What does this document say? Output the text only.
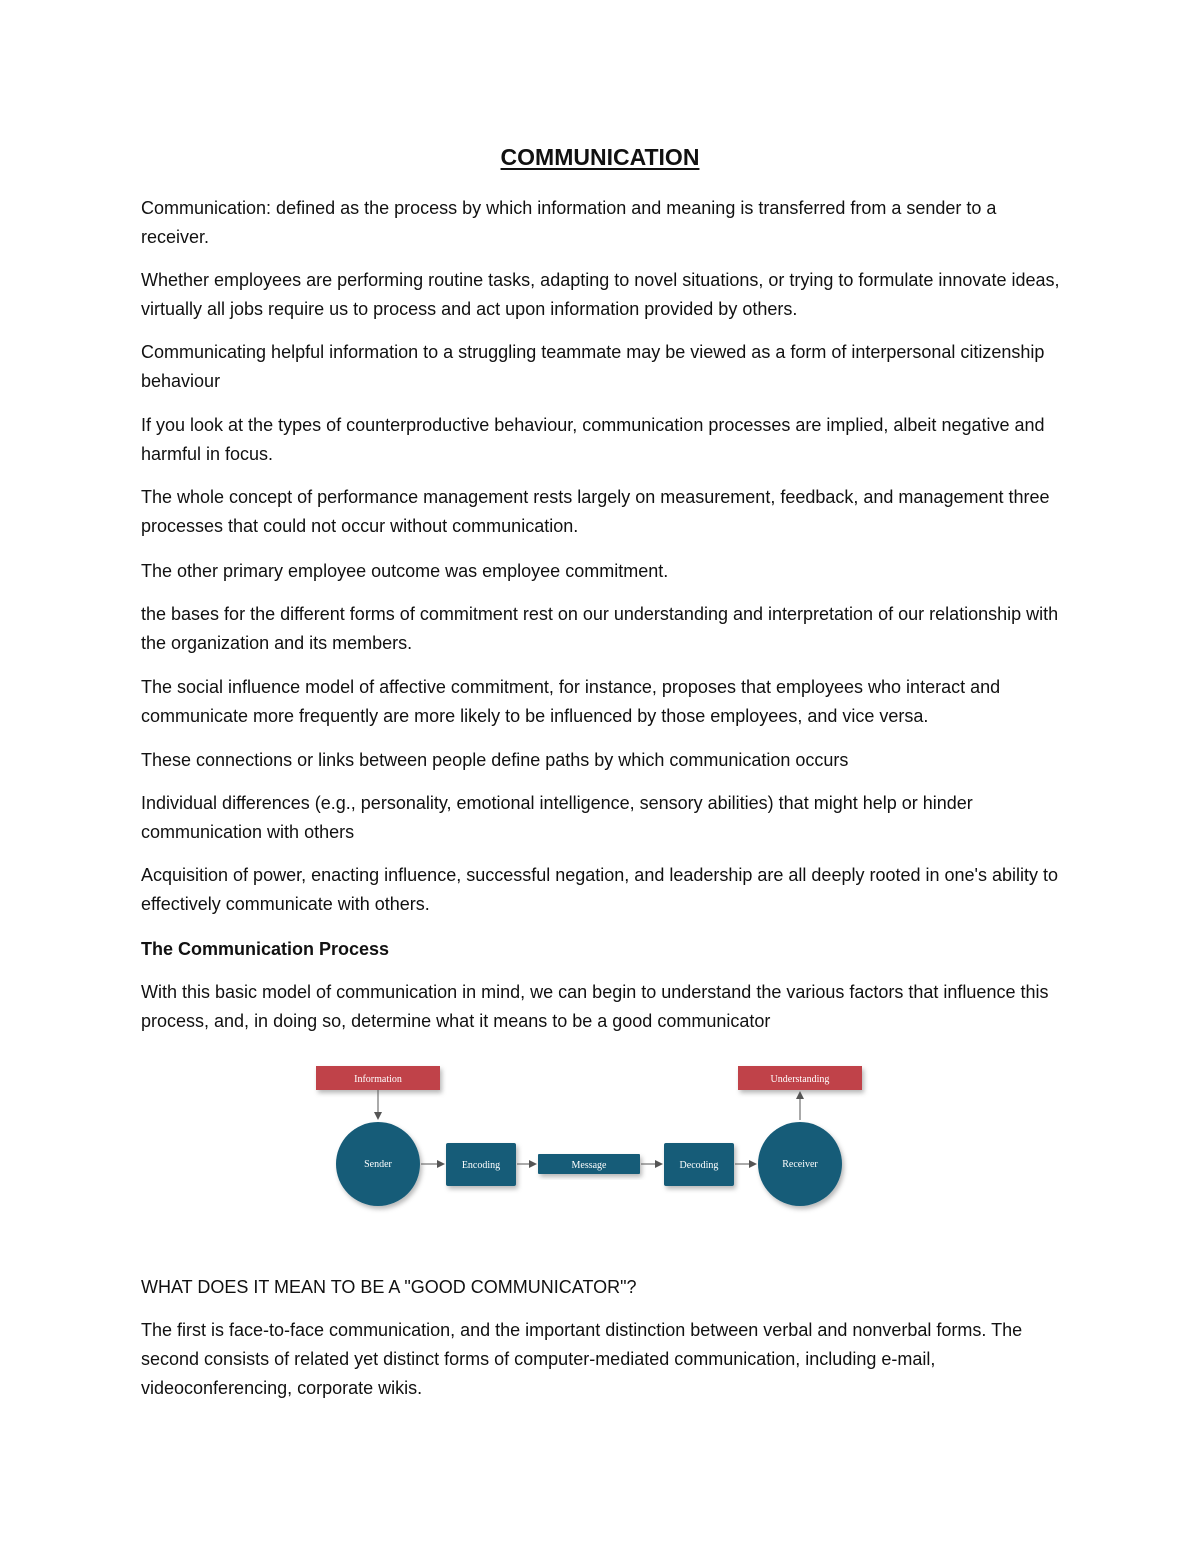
COMMUNICATION

Communication: defined as the process by which information and meaning is transferred from a sender to a receiver.

Whether employees are performing routine tasks, adapting to novel situations, or trying to formulate innovate ideas, virtually all jobs require us to process and act upon information provided by others.

Communicating helpful information to a struggling teammate may be viewed as a form of interpersonal citizenship behaviour

If you look at the types of counterproductive behaviour, communication processes are implied, albeit negative and harmful in focus.

The whole concept of performance management rests largely on measurement, feedback, and management three processes that could not occur without communication.

The other primary employee outcome was employee commitment.

the bases for the different forms of commitment rest on our understanding and interpretation of our relationship with the organization and its members.

The social influence model of affective commitment, for instance, proposes that employees who interact and communicate more frequently are more likely to be influenced by those employees, and vice versa.

These connections or links between people define paths by which communication occurs

Individual differences (e.g., personality, emotional intelligence, sensory abilities) that might help or hinder communication with others

Acquisition of power, enacting influence, successful negation, and leadership are all deeply rooted in one's ability to effectively communicate with others.

The Communication Process

With this basic model of communication in mind, we can begin to understand the various factors that influence this process, and, in doing so, determine what it means to be a good communicator

Information	Understanding
Sender	Encoding	Message	Decoding	Receiver

WHAT DOES IT MEAN TO BE A "GOOD COMMUNICATOR"?

The first is face-to-face communication, and the important distinction between verbal and nonverbal forms. The second consists of related yet distinct forms of computer-mediated communication, including e-mail, videoconferencing, corporate wikis.
